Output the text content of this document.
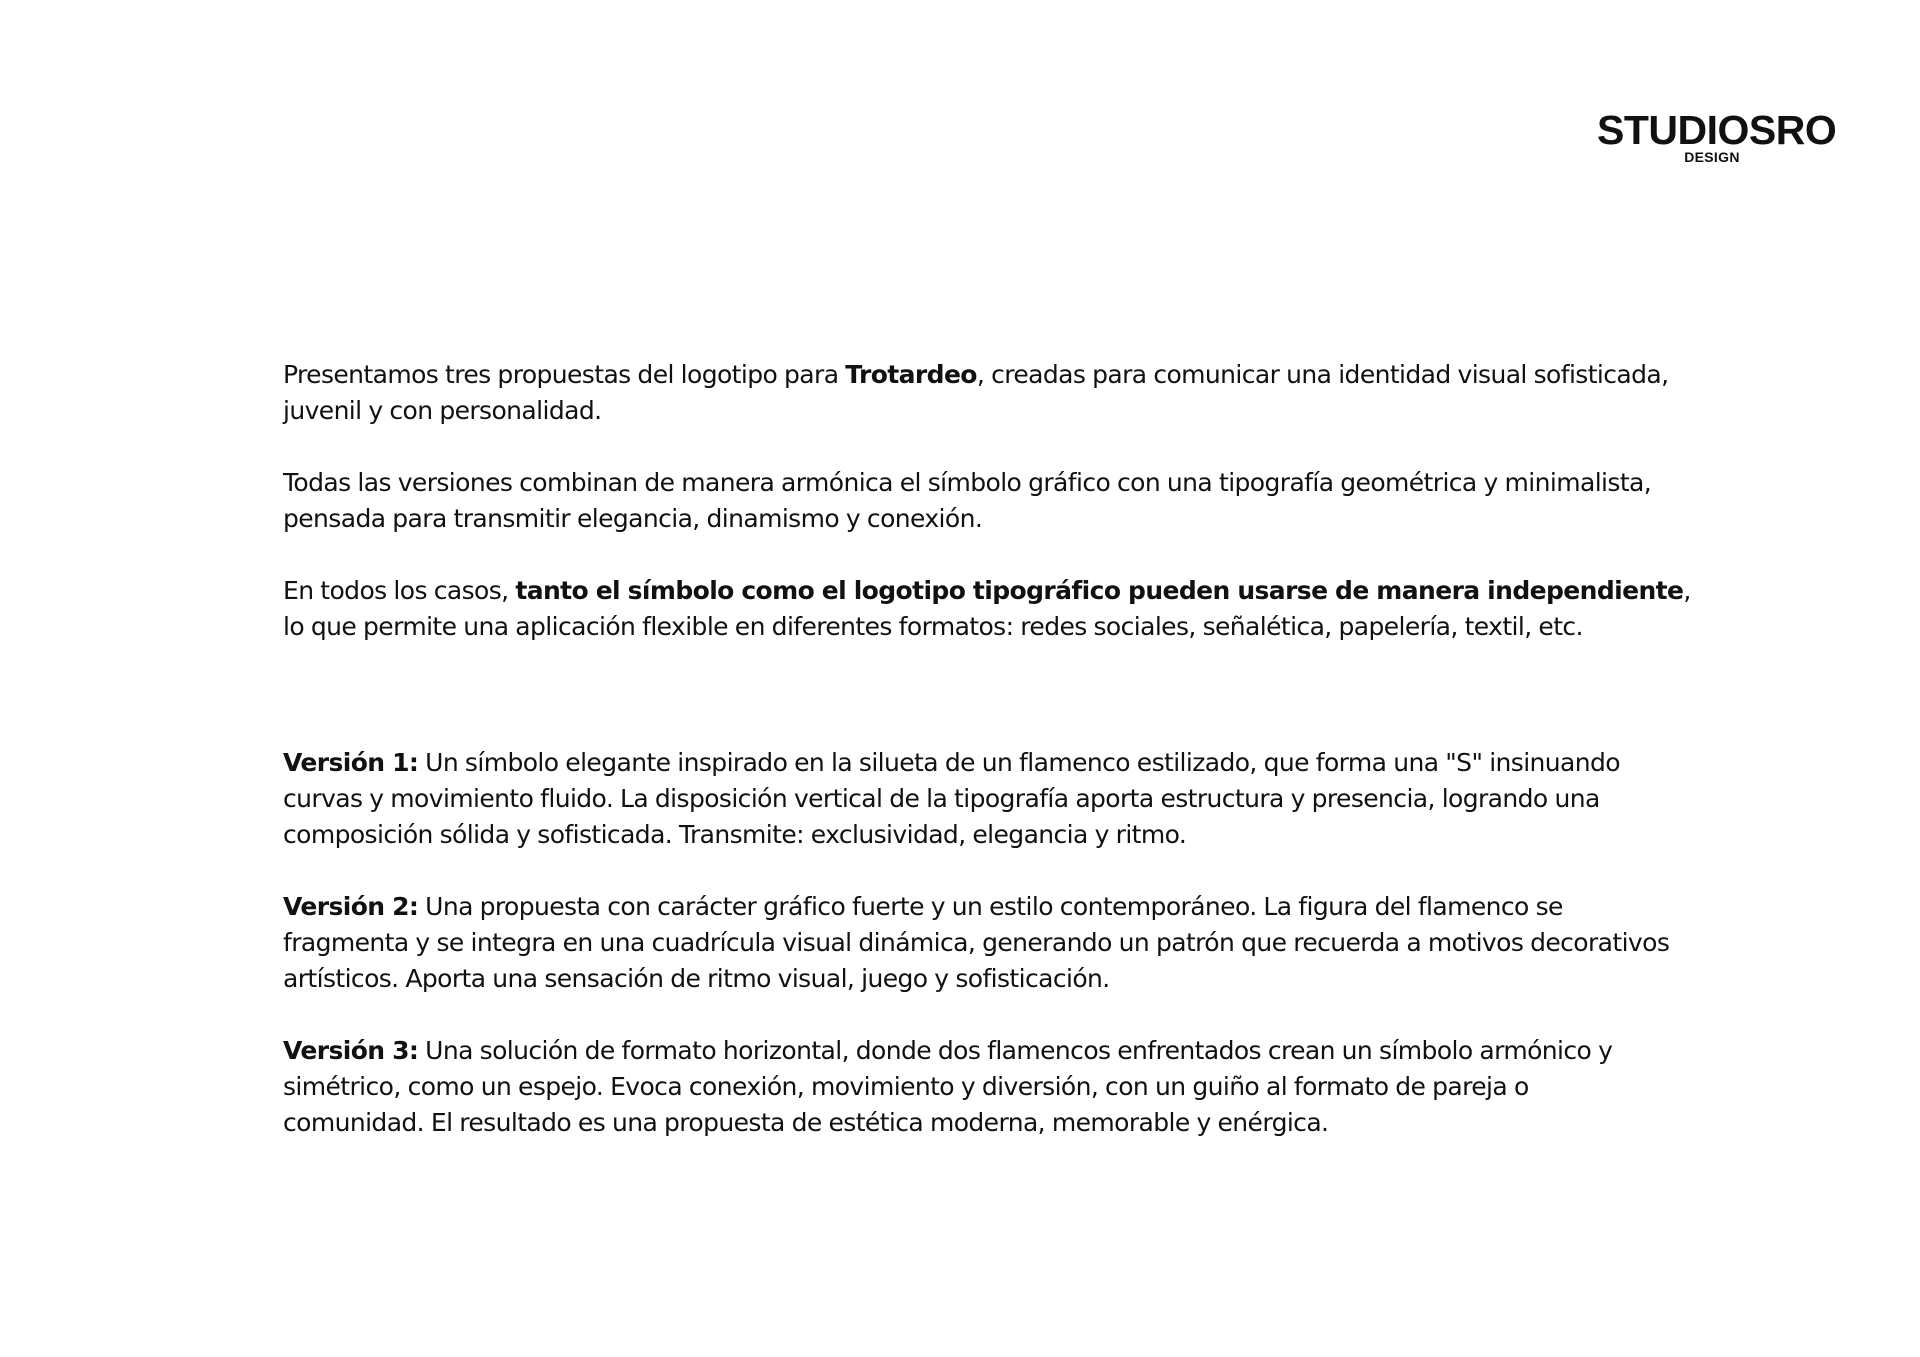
STUDIOSRO
DESIGN

Presentamos tres propuestas del logotipo para Trotardeo, creadas para comunicar una identidad visual sofisticada,
juvenil y con personalidad.

Todas las versiones combinan de manera armónica el símbolo gráfico con una tipografía geométrica y minimalista,
pensada para transmitir elegancia, dinamismo y conexión.

En todos los casos, tanto el símbolo como el logotipo tipográfico pueden usarse de manera independiente,
lo que permite una aplicación flexible en diferentes formatos: redes sociales, señalética, papelería, textil, etc.

Versión 1: Un símbolo elegante inspirado en la silueta de un flamenco estilizado, que forma una "S" insinuando
curvas y movimiento fluido. La disposición vertical de la tipografía aporta estructura y presencia, logrando una
composición sólida y sofisticada. Transmite: exclusividad, elegancia y ritmo.

Versión 2: Una propuesta con carácter gráfico fuerte y un estilo contemporáneo. La figura del flamenco se
fragmenta y se integra en una cuadrícula visual dinámica, generando un patrón que recuerda a motivos decorativos
artísticos. Aporta una sensación de ritmo visual, juego y sofisticación.

Versión 3: Una solución de formato horizontal, donde dos flamencos enfrentados crean un símbolo armónico y
simétrico, como un espejo. Evoca conexión, movimiento y diversión, con un guiño al formato de pareja o
comunidad. El resultado es una propuesta de estética moderna, memorable y enérgica.
